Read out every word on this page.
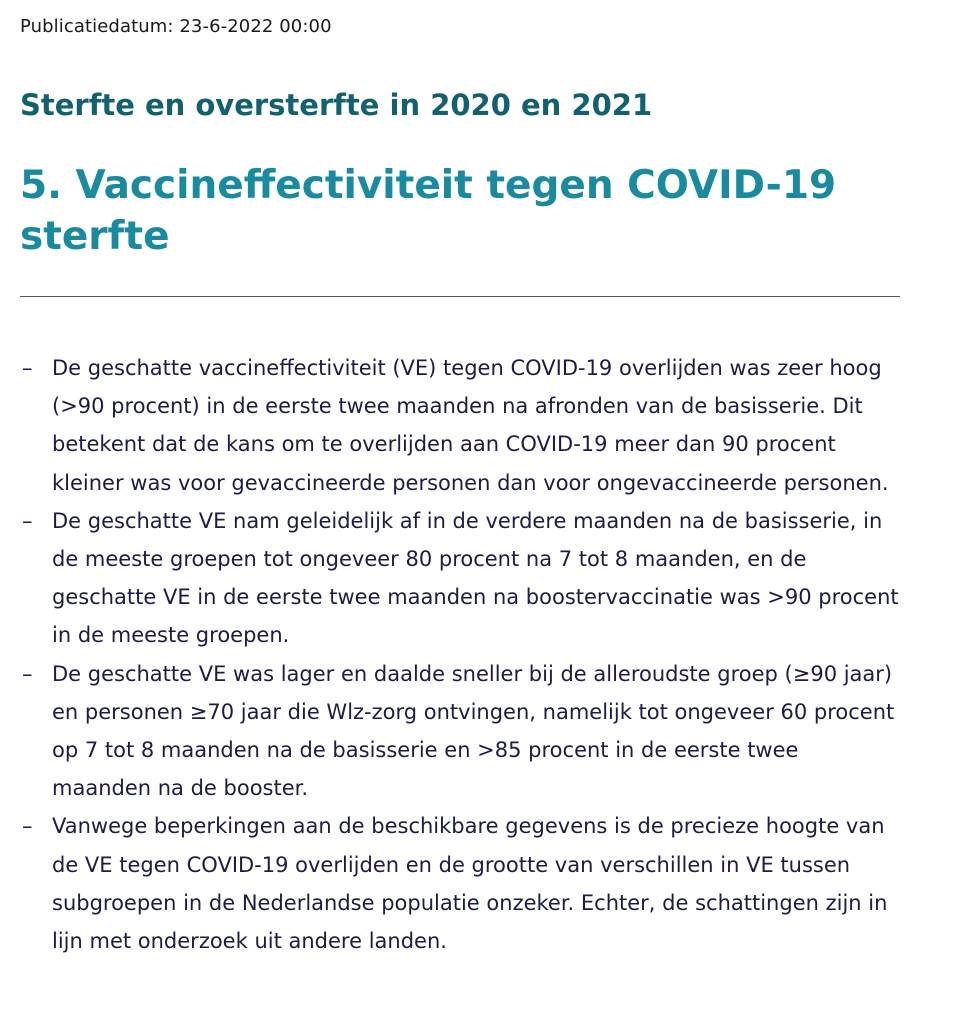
Publicatiedatum: 23-6-2022 00:00
Sterfte en oversterfte in 2020 en 2021
5. Vaccineffectiviteit tegen COVID-19 sterfte
– De geschatte vaccineffectiviteit (VE) tegen COVID-19 overlijden was zeer hoog (>90 procent) in de eerste twee maanden na afronden van de basisserie. Dit betekent dat de kans om te overlijden aan COVID-19 meer dan 90 procent kleiner was voor gevaccineerde personen dan voor ongevaccineerde personen.
– De geschatte VE nam geleidelijk af in de verdere maanden na de basisserie, in de meeste groepen tot ongeveer 80 procent na 7 tot 8 maanden, en de geschatte VE in de eerste twee maanden na boostervaccinatie was >90 procent in de meeste groepen.
– De geschatte VE was lager en daalde sneller bij de alleroudste groep (≥90 jaar) en personen ≥70 jaar die Wlz-zorg ontvingen, namelijk tot ongeveer 60 procent op 7 tot 8 maanden na de basisserie en >85 procent in de eerste twee maanden na de booster.
– Vanwege beperkingen aan de beschikbare gegevens is de precieze hoogte van de VE tegen COVID-19 overlijden en de grootte van verschillen in VE tussen subgroepen in de Nederlandse populatie onzeker. Echter, de schattingen zijn in lijn met onderzoek uit andere landen.
